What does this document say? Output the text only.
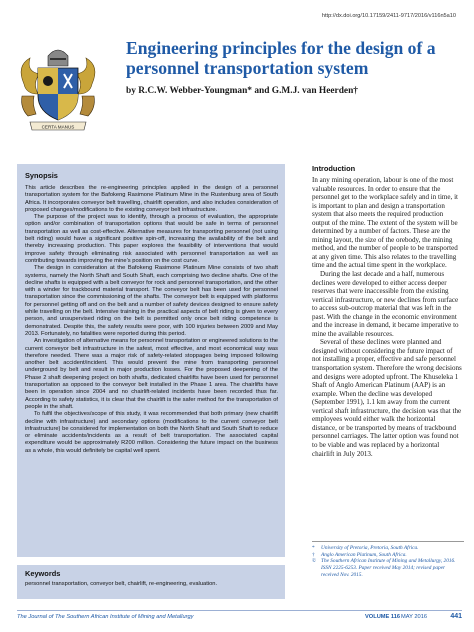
http://dx.doi.org/10.17159/2411-9717/2016/v116n5a10
CERTA MANUS
Engineering principles for the design of a personnel transportation system
by R.C.W. Webber-Youngman* and G.M.J. van Heerden†
Synopsis

This article describes the re-engineering principles applied in the design of a personnel transportation system for the Bafokeng Rasimone Platinum Mine in the Rustenburg area of South Africa. It incorporates conveyor belt travelling, chairlift operation, and also includes consideration of proposed changes/modifications to the existing conveyor belt infrastructure.

The purpose of the project was to identify, through a process of evaluation, the appropriate option and/or combination of transportation options that would be safe in terms of personnel transportation as well as cost-effective. Alternative measures for transporting personnel (not using belt riding) would have a significant positive spin-off, increasing the availability of the belt and thereby increasing production. This paper explores the feasibility of interventions that would improve safety through eliminating risk associated with personnel transportation as well as contributing towards improving the mine’s position on the cost curve.

The design in consideration at the Bafokeng Rasimone Platinum Mine consists of two shaft systems, namely the North Shaft and South Shaft, each comprising two decline shafts. One of the decline shafts is equipped with a belt conveyor for rock and personnel transportation, and the other with a winder for trackbound material transport. The conveyor belt has been used for personnel transportation since the commissioning of the shafts. The conveyor belt is equipped with platforms for personnel getting off and on the belt and a number of safety devices designed to ensure safety while travelling on the belt. Intensive training in the practical aspects of belt riding is given to every person, and unsupervised riding on the belt is permitted only once belt riding competence is demonstrated. Despite this, the safety results were poor, with 100 injuries between 2009 and May 2013. Fortunately, no fatalities were reported during this period.

An investigation of alternative means for personnel transportation or engineered solutions to the current conveyor belt infrastructure in the safest, most effective, and most economical way was therefore needed. There was a major risk of safety-related stoppages being imposed following another belt accident/incident. This would prevent the mine from transporting personnel underground by belt and result in major production losses. For the proposed deepening of the Phase 2 shaft deepening project on both shafts, dedicated chairlifts have been used for personnel transportation as opposed to the conveyor belt installed in the Phase 1 area. The chairlifts have been in operation since 2004 and no chairlift-related incidents have been recorded thus far. According to safety statistics, it is clear that the chairlift is the safer method for the transportation of people in the shaft.

To fulfil the objectives/scope of this study, it was recommended that both primary (new chairlift decline with infrastructure) and secondary options (modifications to the current conveyor belt infrastructure) be considered for implementation on both the North Shaft and South Shaft to reduce or eliminate accidents/incidents as a result of belt transportation. The associated capital expenditure would be approximately R200 million. Considering the future impact on the business as a whole, this would definitely be capital well spent.

Keywords
personnel transportation, conveyor belt, chairlift, re-engineering, evaluation.
Introduction

In any mining operation, labour is one of the most valuable resources. In order to ensure that the personnel get to the workplace safely and in time, it is important to plan and design a transportation system that also meets the required production output of the mine. The extent of the system will be determined by a number of factors. These are the mining layout, the size of the orebody, the mining method, and the number of people to be transported at any given time. This also relates to the travelling time and the actual time spent in the workplace.

During the last decade and a half, numerous declines were developed to either access deeper reserves that were inaccessible from the existing vertical infrastructure, or new declines from surface to access sub-outcrop material that was left in the past. With the change in the economic environment and the increase in demand, it became imperative to mine the available resources.

Several of these declines were planned and designed without considering the future impact of not installing a proper, effective and safe personnel transportation system. Therefore the wrong decisions and designs were adopted upfront. The Khuseleka 1 Shaft of Anglo American Platinum (AAP) is an example. When the decline was developed (September 1991), 1.1 km away from the current vertical shaft infrastructure, the decision was that the employees would either walk the horizontal distance, or be transported by means of trackbound personnel carriages. The latter option was found not to be viable and was replaced by a horizontal chairlift in July 2013.

*	University of Pretoria, Pretoria, South Africa.
†	Anglo American Platinum, South Africa.
© The Southern African Institute of Mining and Metallurgy, 2016. ISSN 2225-6253. Paper received May 2014; revised paper received Nov. 2015.
The Journal of The Southern African Institute of Mining and Metallurgy	VOLUME 116 MAY 2016	441
